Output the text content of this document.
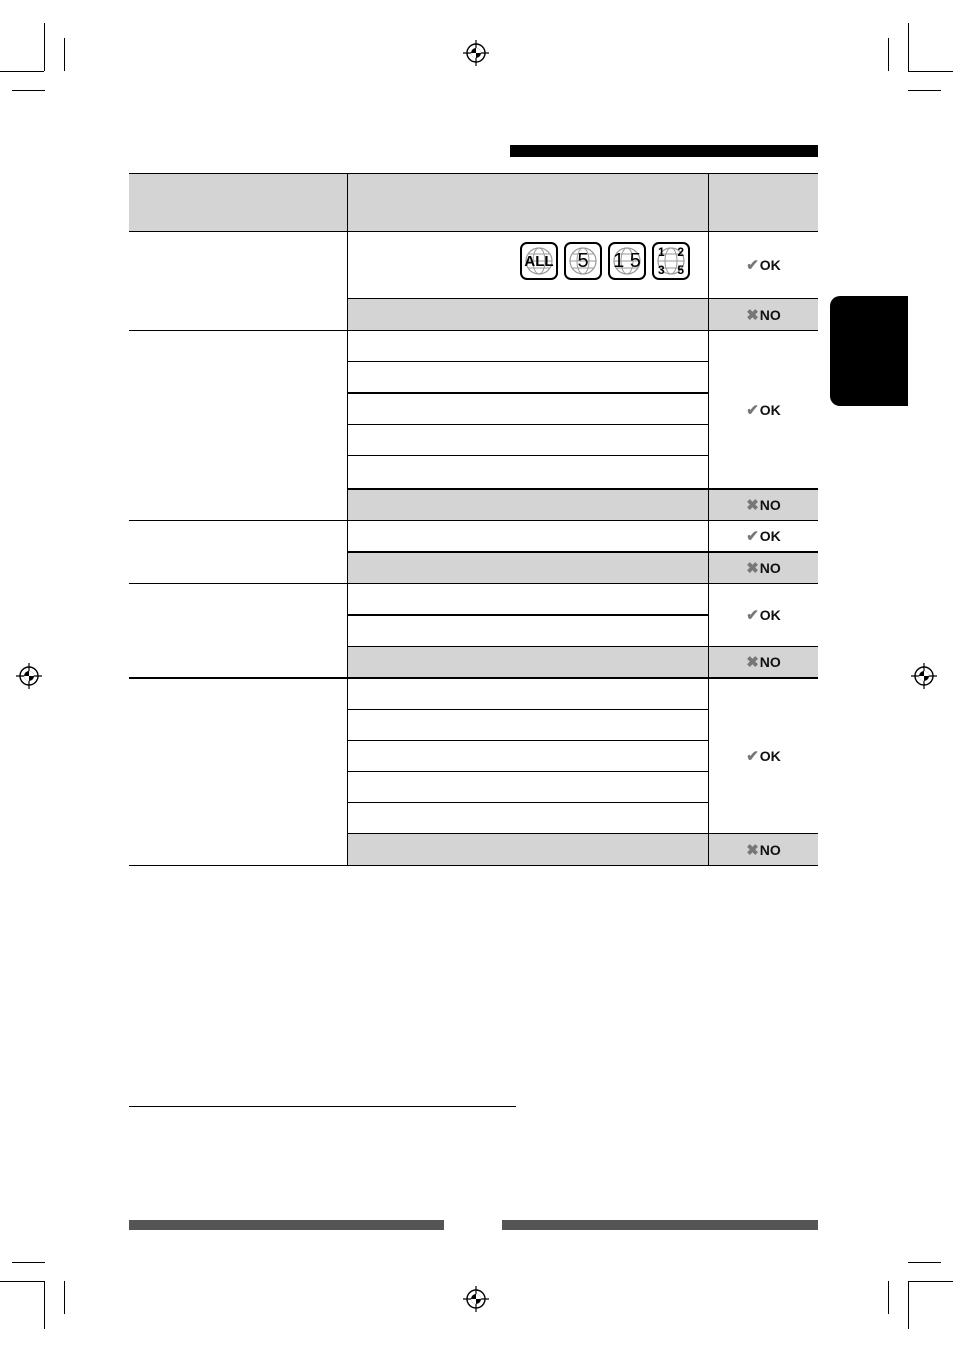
ALL 5 1 5 1 2
3 5	✔ OK
✖ NO
✔ OK
✖ NO
✔ OK
✖ NO
✔ OK
✖ NO
✔ OK
✖ NO
